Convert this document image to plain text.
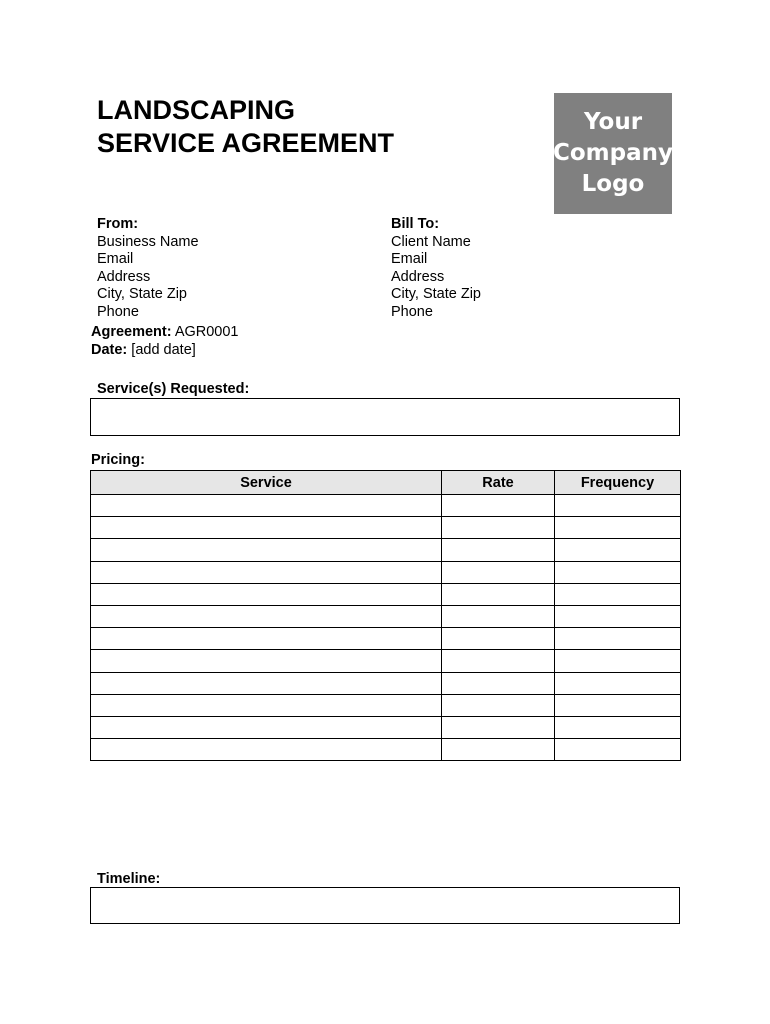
LANDSCAPING
SERVICE AGREEMENT
Your
Company
Logo
From:
Business Name
Email
Address
City, State Zip
Phone
Bill To:
Client Name
Email
Address
City, State Zip
Phone
Agreement: AGR0001
Date: [add date]
Service(s) Requested:
Pricing:
Service	Rate	Frequency

Timeline:
